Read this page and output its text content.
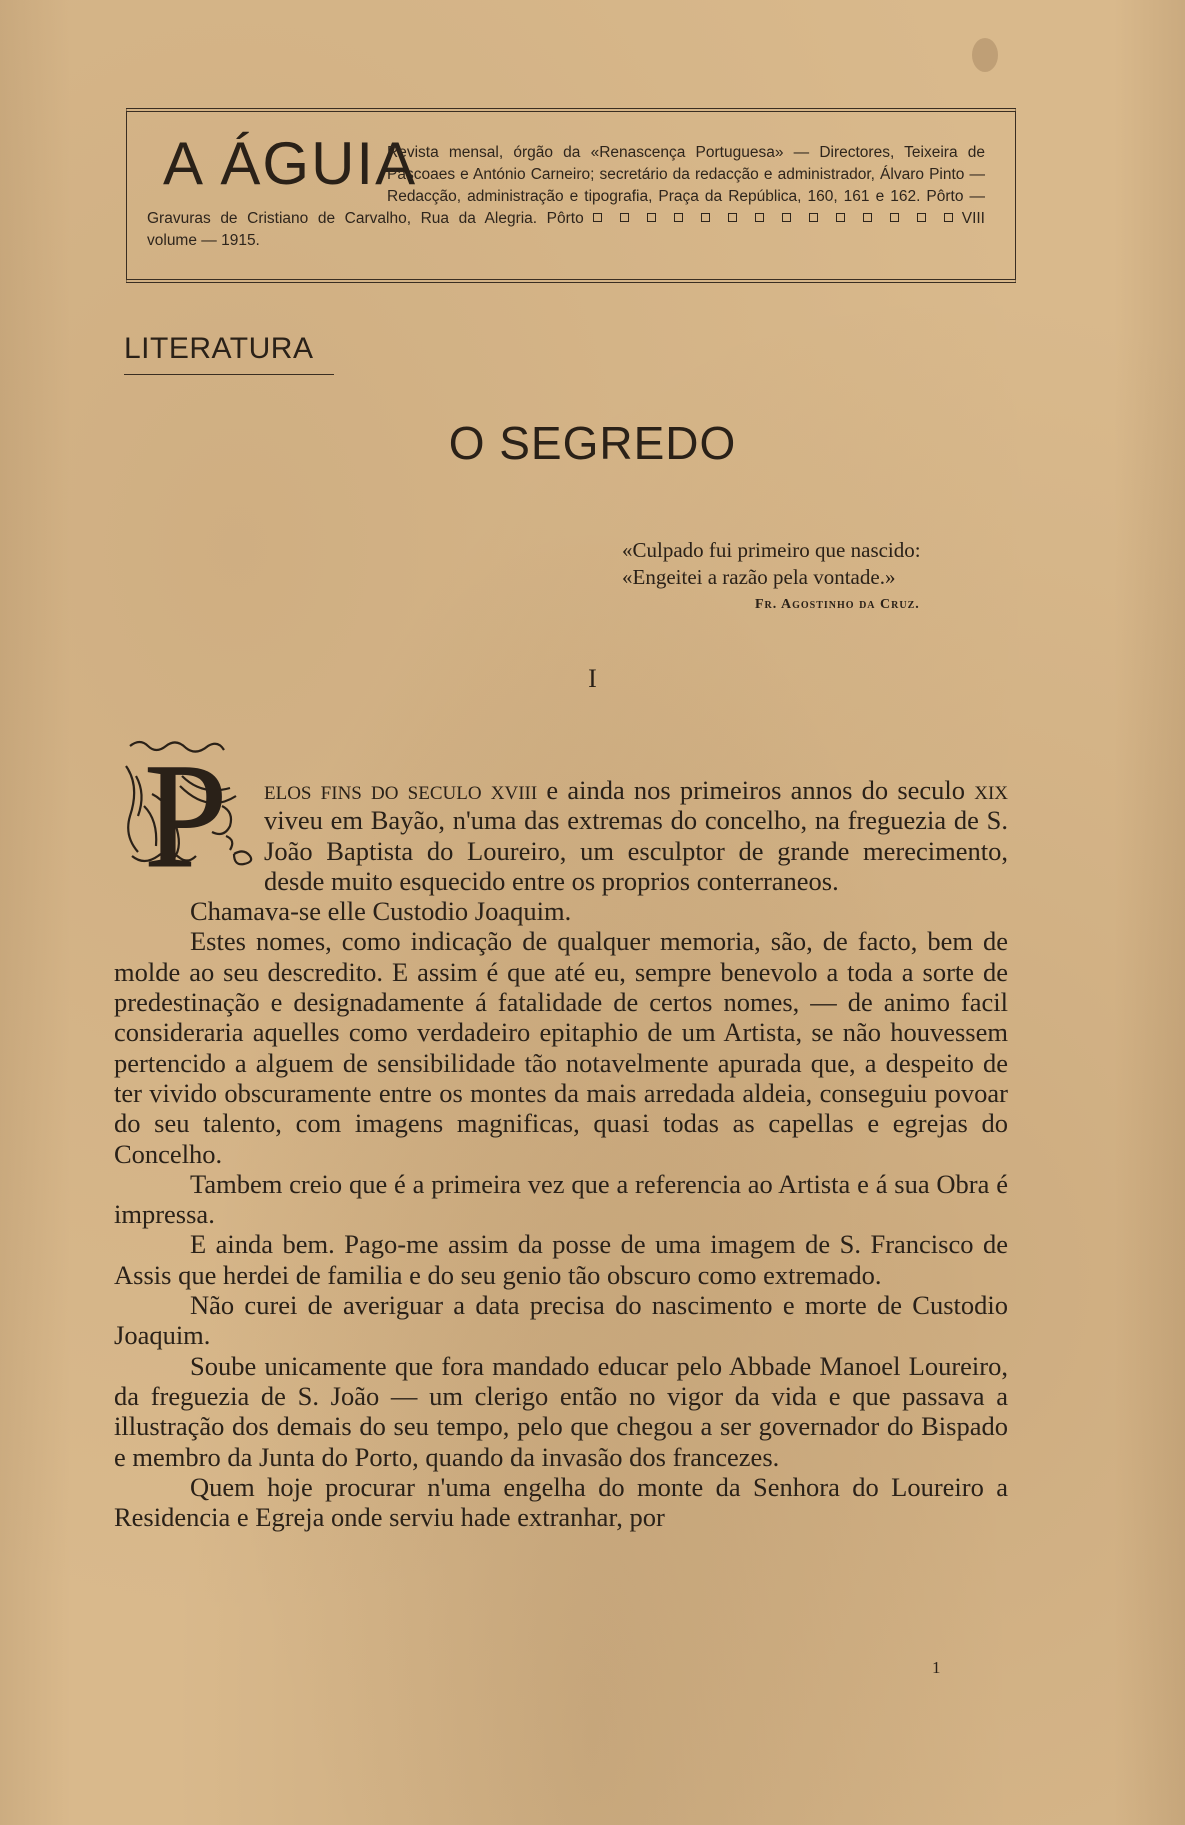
A ÁGUIA
Revista mensal, órgão da «Renascença Portuguesa» — Directores, Teixeira de Pascoaes e António Carneiro; secretário da redacção e administrador, Álvaro Pinto — Redacção, administração e tipografia, Praça da República, 160, 161 e 162. Pôrto — Gravuras de Cristiano de Carvalho, Rua da Alegria. Pôrto	VIII volume — 1915.
LITERATURA
O SEGREDO
«Culpado fui primeiro que nascido:
«Engeitei a razão pela vontade.»
Fr. Agostinho da Cruz.
I
P	elos fins do seculo xviii e ainda nos primeiros annos do seculo xix viveu em Bayão, n'uma das extremas do concelho, na freguezia de S. João Baptista do Loureiro, um esculptor de grande merecimento, desde muito esquecido entre os proprios conterraneos.

Chamava-se elle Custodio Joaquim.

Estes nomes, como indicação de qualquer memoria, são, de facto, bem de molde ao seu descredito. E assim é que até eu, sempre benevolo a toda a sorte de predestinação e designadamente á fatalidade de certos nomes, — de animo facil consideraria aquelles como verdadeiro epitaphio de um Artista, se não houvessem pertencido a alguem de sensibilidade tão notavelmente apurada que, a despeito de ter vivido obscuramente entre os montes da mais arredada aldeia, conseguiu povoar do seu talento, com imagens magnificas, quasi todas as capellas e egrejas do Concelho.

Tambem creio que é a primeira vez que a referencia ao Artista e á sua Obra é impressa.

E ainda bem. Pago-me assim da posse de uma imagem de S. Francisco de Assis que herdei de familia e do seu genio tão obscuro como extremado.

Não curei de averiguar a data precisa do nascimento e morte de Custodio Joaquim.

Soube unicamente que fora mandado educar pelo Abbade Manoel Loureiro, da freguezia de S. João — um clerigo então no vigor da vida e que passava a illustração dos demais do seu tempo, pelo que chegou a ser governador do Bispado e membro da Junta do Porto, quando da invasão dos francezes.

Quem hoje procurar n'uma engelha do monte da Senhora do Loureiro a Residencia e Egreja onde serviu hade extranhar, por

1
